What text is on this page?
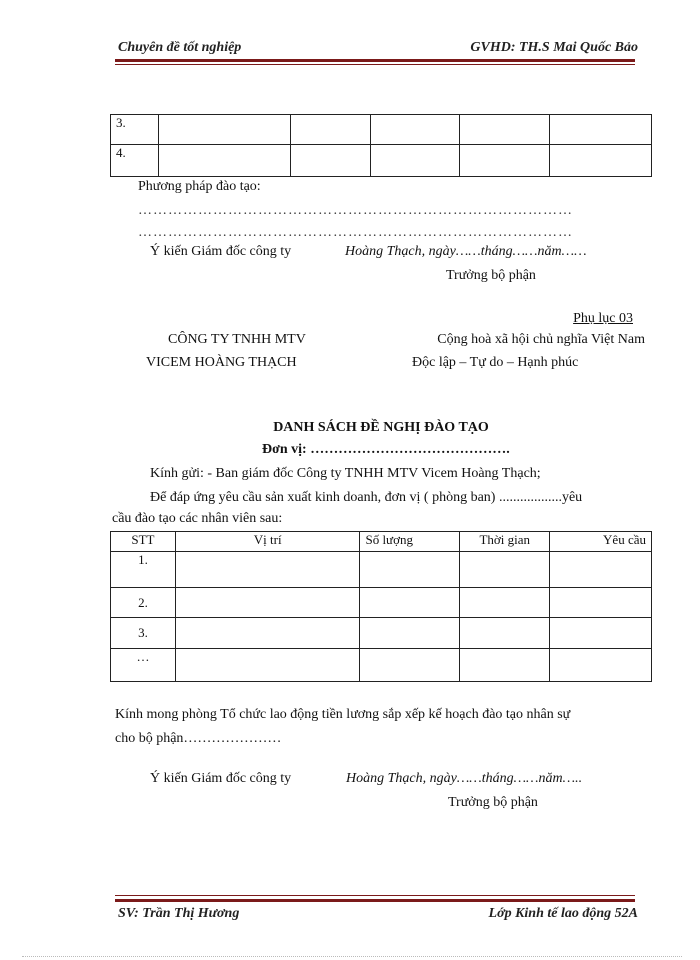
Chuyên đề tốt nghiệp	GVHD: TH.S Mai Quốc Bảo
3.					
4.					
Phương pháp đào tạo:
……………………………………………………………………………
……………………………………………………………………………
Ý kiến Giám đốc công ty	Hoàng Thạch, ngày……tháng……năm……
Trưởng bộ phận
Phụ lục 03
CÔNG TY TNHH MTV
VICEM HOÀNG THẠCH
Cộng hoà xã hội chủ nghĩa Việt Nam
Độc lập – Tự do – Hạnh phúc
DANH SÁCH ĐỀ NGHỊ ĐÀO TẠO
Đơn vị: …………………………………….
Kính gửi: - Ban giám đốc Công ty TNHH MTV Vicem Hoàng Thạch;
Để đáp ứng yêu cầu sản xuất kinh doanh, đơn vị ( phòng ban) ..................yêu
cầu đào tạo các nhân viên sau:
STT	Vị trí	Số lượng	Thời gian	Yêu cầu
1.				
2.				
3.				
…				
Kính mong phòng Tổ chức lao động tiền lương sắp xếp kế hoạch đào tạo nhân sự
cho bộ phận…………………
Ý kiến Giám đốc công ty	Hoàng Thạch, ngày……tháng……năm…..
Trưởng bộ phận
SV: Trần Thị Hương	Lớp Kinh tế lao động 52A
